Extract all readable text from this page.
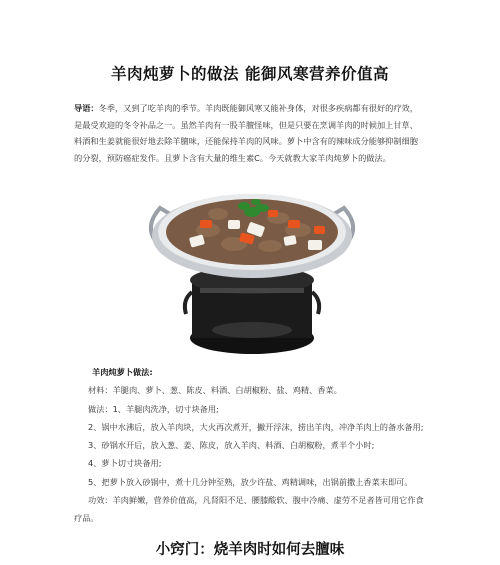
羊肉炖萝卜的做法 能御风寒营养价值高
导语：冬季，又到了吃羊肉的季节。羊肉既能御风寒又能补身体，对很多疾病都有很好的疗效，是最受欢迎的冬令补品之一。虽然羊肉有一股羊膻怪味，但是只要在烹调羊肉的时候加上甘草、料酒和生姜就能很好地去除羊膻味，还能保持羊肉的风味。萝卜中含有的辣味成分能够抑制细胞的分裂，预防癌症发作。且萝卜含有大量的维生素C。今天就教大家羊肉炖萝卜的做法。

羊肉炖萝卜做法:

材料：羊腿肉、萝卜、葱、陈皮、料酒、白胡椒粉、盐、鸡精、香菜。

做法：1、羊腿肉洗净，切寸块备用;

2、锅中水沸后，放入羊肉块，大火再次煮开，撇开浮沫，捞出羊肉，冲净羊肉上的备水备用;

3、砂锅水开后，放入葱、姜、陈皮，放入羊肉、料酒、白胡椒粉，煮半个小时;

4、萝卜切寸块备用;

5、把萝卜放入砂锅中，煮十几分钟至熟，放少许盐、鸡精调味，出锅前撒上香菜末即可。

功效：羊肉鲜嫩，营养价值高，凡肾阳不足、腰膝酸软、腹中冷痛、虚劳不足者皆可用它作食疗品。

小窍门：烧羊肉时如何去膻味
